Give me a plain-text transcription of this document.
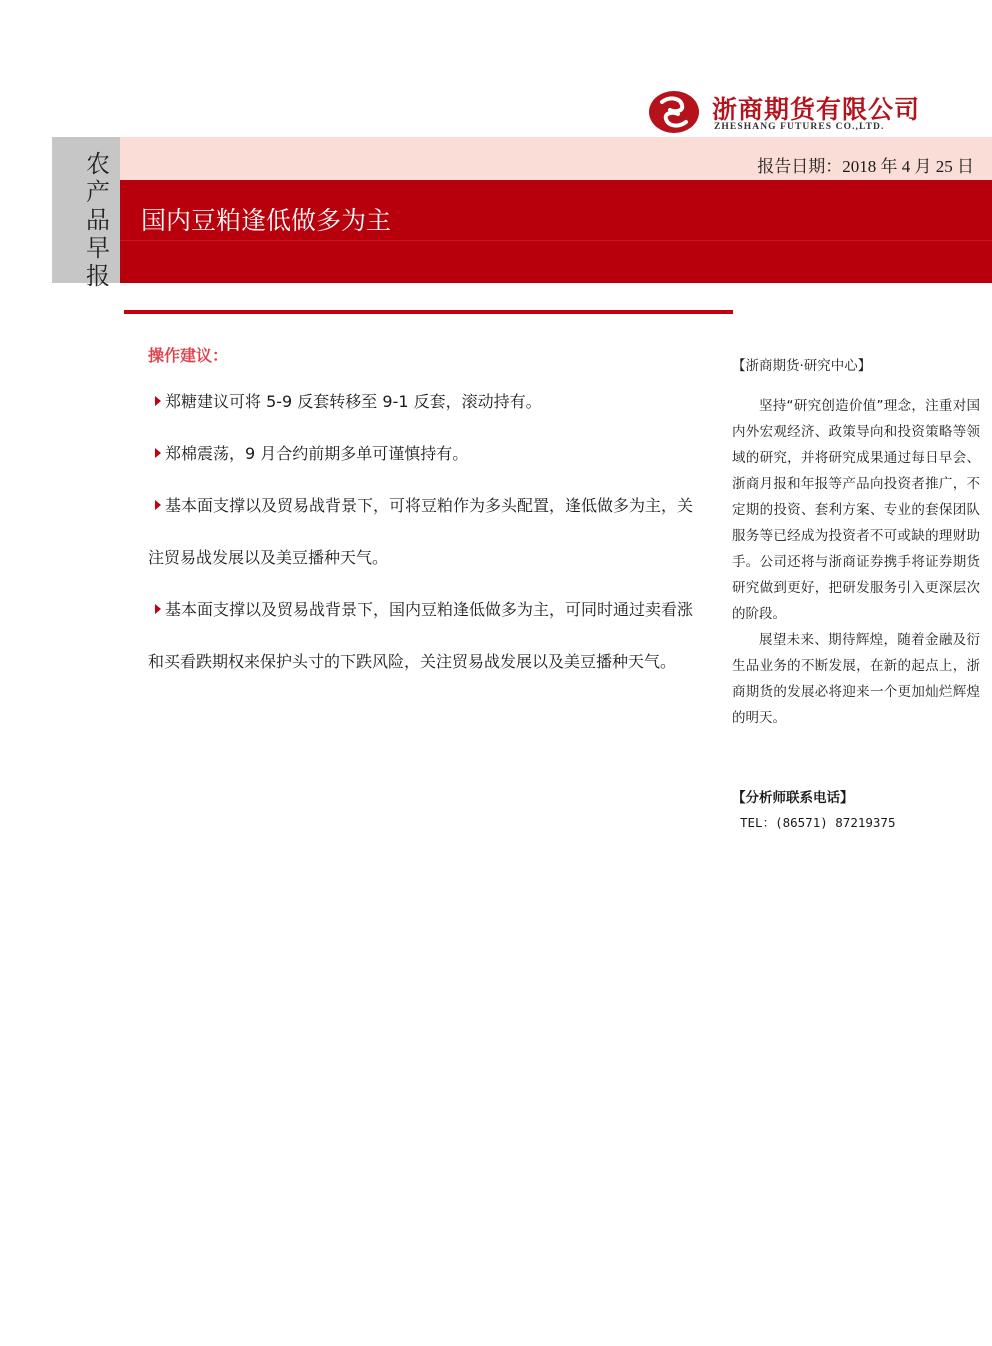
浙商期货有限公司
ZHESHANG FUTURES CO.,LTD.
农产品早报
报告日期：2018 年 4 月 25 日
国内豆粕逢低做多为主
操作建议：
郑糖建议可将 5-9 反套转移至 9-1 反套，滚动持有。
郑棉震荡，9 月合约前期多单可谨慎持有。
基本面支撑以及贸易战背景下，可将豆粕作为多头配置，逢低做多为主，关
注贸易战发展以及美豆播种天气。
基本面支撑以及贸易战背景下，国内豆粕逢低做多为主，可同时通过卖看涨
和买看跌期权来保护头寸的下跌风险，关注贸易战发展以及美豆播种天气。
【浙商期货·研究中心】

坚持“研究创造价值”理念，注重对国内外宏观经济、政策导向和投资策略等领域的研究，并将研究成果通过每日早会、浙商月报和年报等产品向投资者推广，不定期的投资、套利方案、专业的套保团队服务等已经成为投资者不可或缺的理财助手。公司还将与浙商证券携手将证券期货研究做到更好，把研发服务引入更深层次的阶段。

展望未来、期待辉煌，随着金融及衍生品业务的不断发展，在新的起点上，浙商期货的发展必将迎来一个更加灿烂辉煌的明天。

【分析师联系电话】
TEL：(86571) 87219375
